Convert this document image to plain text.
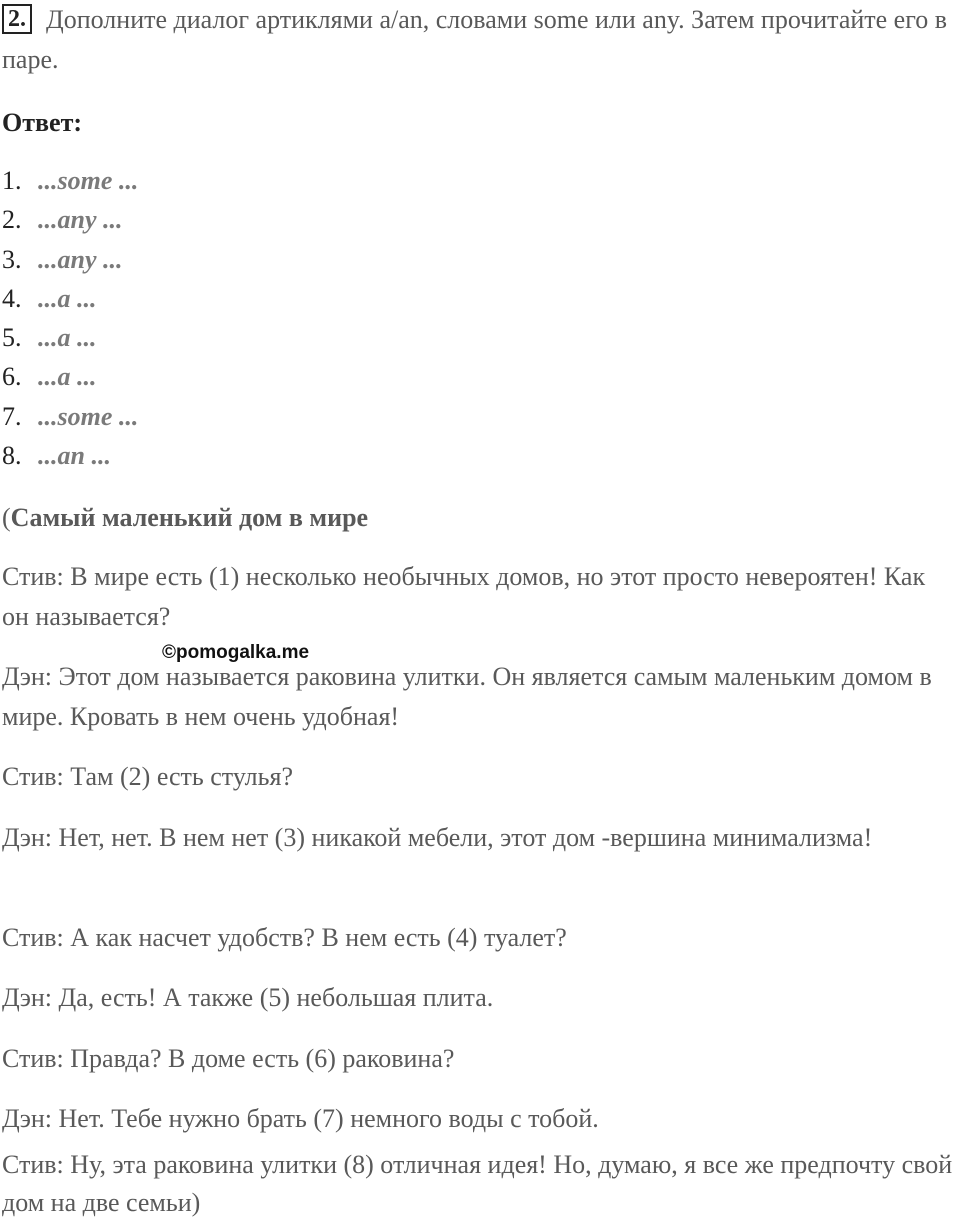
2. Дополните диалог артиклями a/an, словами some или any. Затем прочитайте его в паре.
Ответ:
1. ...some ...
2. ...any ...
3. ...any ...
4. ...a ...
5. ...a ...
6. ...a ...
7. ...some ...
8. ...an ...
(Самый маленький дом в мире

Стив: В мире есть (1) несколько необычных домов, но этот просто невероятен! Как он называется?

Дэн: Этот дом называется раковина улитки. Он является самым маленьким домом в мире. Кровать в нем очень удобная!

Стив: Там (2) есть стулья?

Дэн: Нет, нет. В нем нет (3) никакой мебели, этот дом -вершина минимализма!

Стив: А как насчет удобств? В нем есть (4) туалет?

Дэн: Да, есть! А также (5) небольшая плита.

Стив: Правда? В доме есть (6) раковина?

Дэн: Нет. Тебе нужно брать (7) немного воды с тобой.

Стив: Ну, эта раковина улитки (8) отличная идея! Но, думаю, я все же предпочту свой дом на две семьи)

©pomogalka.me
